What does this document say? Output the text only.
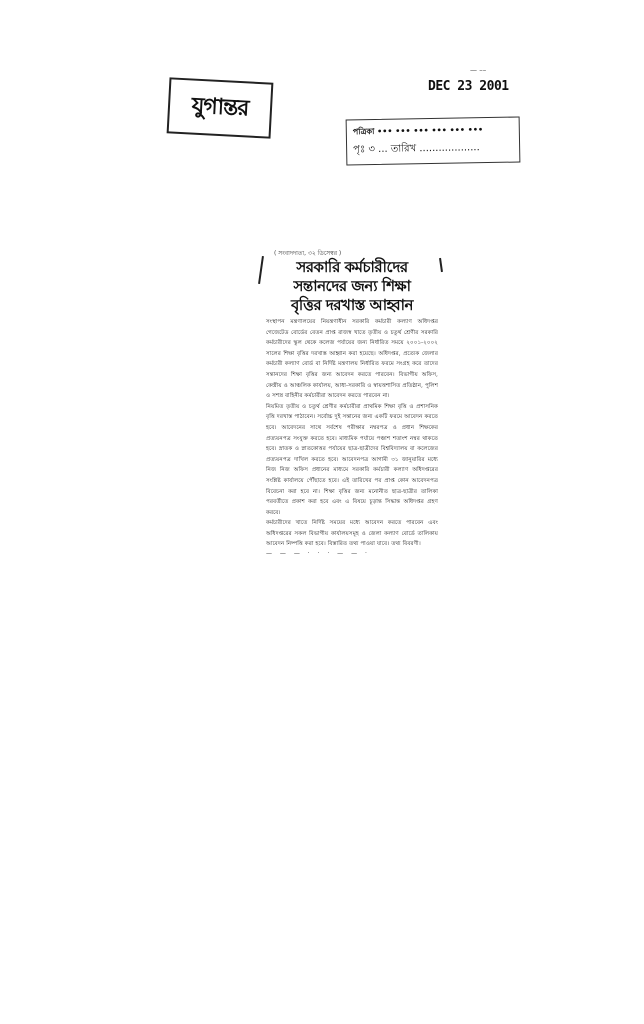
— ––
DEC 23 2001
যুগান্তর
পত্রিকা ••• ••• ••• ••• ••• •••
পৃঃ ৩ ... তারিখ ...................
( সংবাদদাতা, ৩২ ডিসেম্বর )
সরকারি কর্মচারীদের
সন্তানদের জন্য শিক্ষা
বৃত্তির দরখাস্ত আহ্বান

সংস্থাপন মন্ত্রণালয়ের নিয়ন্ত্রণাধীন সরকারি কর্মচারী কল্যাণ অধিদপ্তর গেজেটেড বোর্ডের বেতন প্রাপ্ত রাজস্ব খাতে তৃতীয় ও চতুর্থ শ্রেণীর সরকারি কর্মচারীদের স্কুল থেকে কলেজ পর্যায়ের জন্য নির্ধারিত সময়ে ২০০১-২০০২ সালের শিক্ষা বৃত্তির দরখাস্ত আহ্বান করা হয়েছে। অধিদপ্তর, প্রত্যেক জেলার কর্মচারী কল্যাণ বোর্ড বা নির্দিষ্ট মন্ত্রণালয় নির্ধারিত ফরমে সংগ্রহ করে তাদের সন্তানদের শিক্ষা বৃত্তির জন্য আবেদন করতে পারবেন। বিভাগীয় অফিস, কেন্দ্রীয় ও আঞ্চলিক কার্যালয়, আধা-সরকারি ও স্বায়ত্তশাসিত প্রতিষ্ঠান, পুলিশ ও সশস্ত্র বাহিনীর কর্মচারীরা আবেদন করতে পারবেন না।

নিয়মিত তৃতীয় ও চতুর্থ শ্রেণীর কর্মচারীরা প্রাথমিক শিক্ষা বৃত্তি ও প্রশাসনিক বৃত্তি দরখাস্ত পাঠাবেন। সর্বোচ্চ দুই সন্তানের জন্য একটি ফরমে আবেদন করতে হবে। আবেদনের সাথে সর্বশেষ পরীক্ষার নম্বরপত্র ও প্রধান শিক্ষকের প্রত্যয়নপত্র সংযুক্ত করতে হবে। মাধ্যমিক পর্যায়ে পঞ্চাশ শতাংশ নম্বর থাকতে হবে। স্নাতক ও স্নাতকোত্তর পর্যায়ের ছাত্র-ছাত্রীদের বিশ্ববিদ্যালয় বা কলেজের প্রত্যয়নপত্র দাখিল করতে হবে। আবেদনপত্র আগামী ৩১ জানুয়ারির মধ্যে নিজ নিজ অফিস প্রধানের মাধ্যমে সরকারি কর্মচারী কল্যাণ অধিদপ্তরের সংশ্লিষ্ট কার্যালয়ে পৌঁছাতে হবে। এই তারিখের পর প্রাপ্ত কোন আবেদনপত্র বিবেচনা করা হবে না। শিক্ষা বৃত্তির জন্য মনোনীত ছাত্র-ছাত্রীর তালিকা পরবর্তীতে প্রকাশ করা হবে এবং এ বিষয়ে চূড়ান্ত সিদ্ধান্ত অধিদপ্তর গ্রহণ করবে।

কর্মচারীদের খাতে নির্দিষ্ট সময়ের মধ্যে আবেদন করতে পারবেন এবং অধিদপ্তরের সকল বিভাগীয় কার্যালয়সমূহ ও জেলা কল্যাণ বোর্ডে তালিকায় আবেদন নিষ্পত্তি করা হবে। বিস্তারিত তথ্য পাওয়া যাবে। তথ্য বিবরণী।

— — — · · · — — ·
